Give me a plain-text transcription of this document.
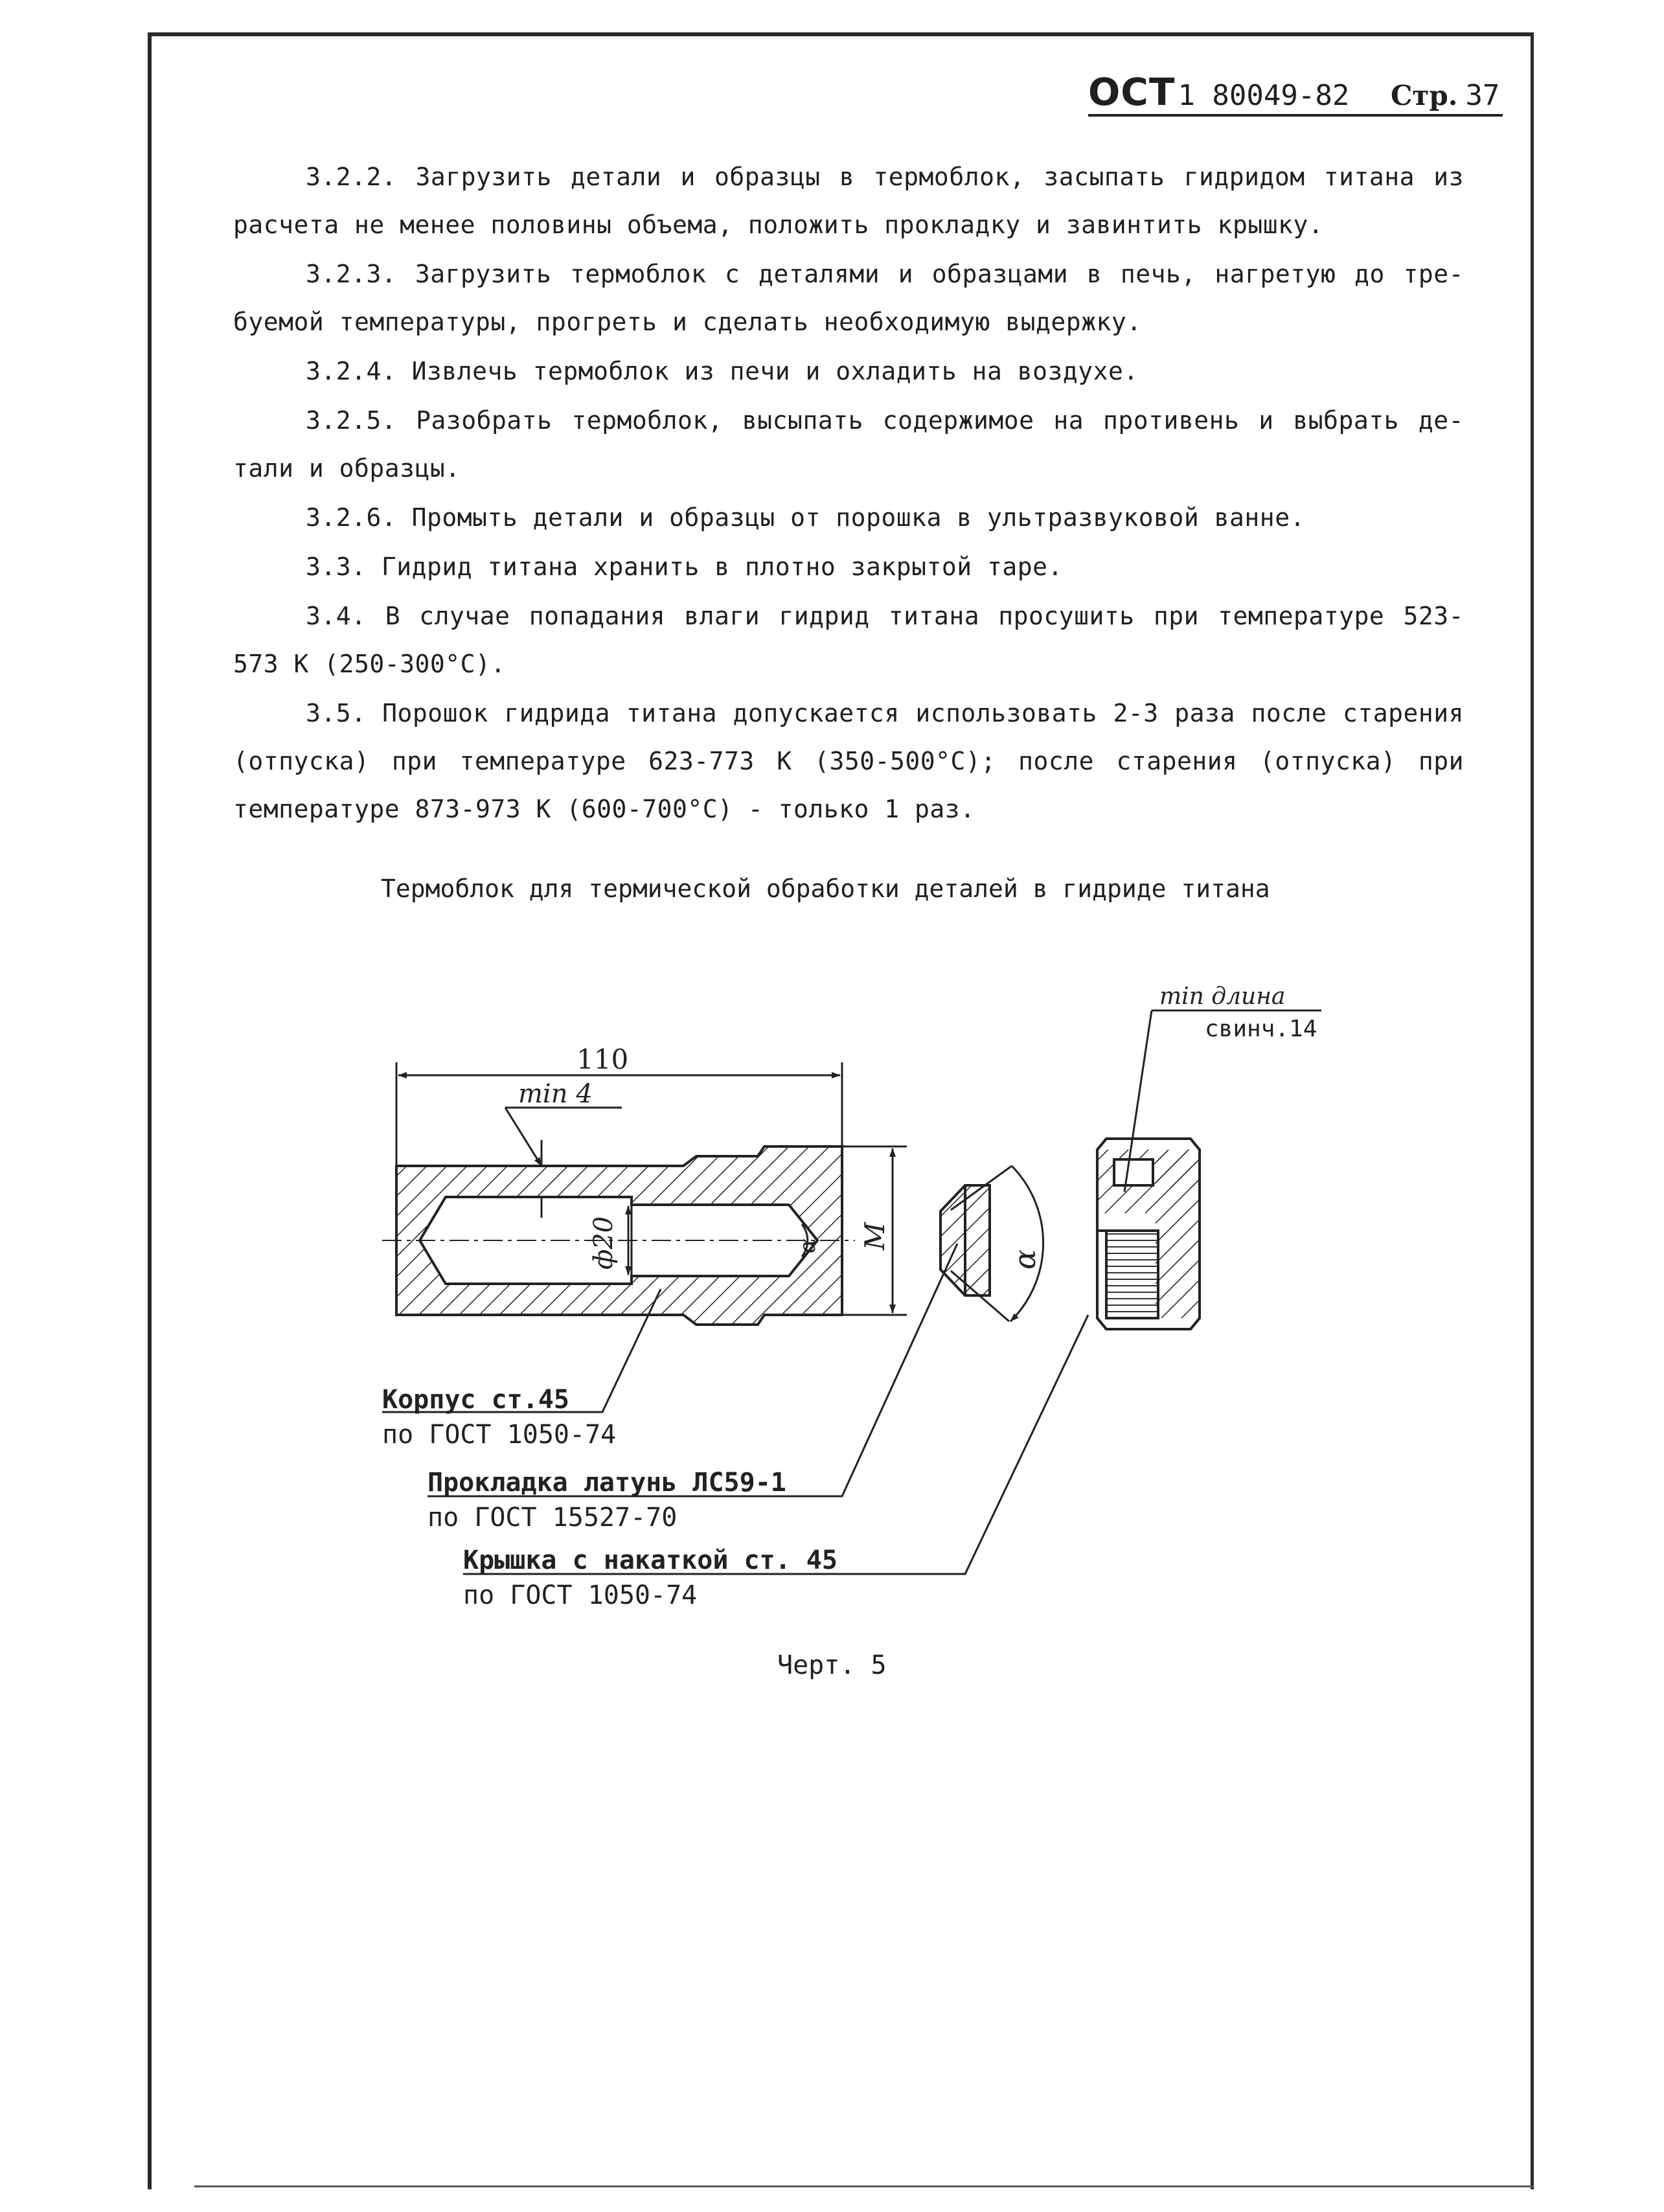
ОСТ1 80049-82 Стр. 37
3.2.2. Загрузить детали и образцы в термоблок, засыпать гидридом титана из
расчета не менее половины объема, положить прокладку и завинтить крышку.
3.2.3. Загрузить термоблок с деталями и образцами в печь, нагретую до тре-
буемой температуры, прогреть и сделать необходимую выдержку.
3.2.4. Извлечь термоблок из печи и охладить на воздухе.
3.2.5. Разобрать термоблок, высыпать содержимое на противень и выбрать де-
тали и образцы.
3.2.6. Промыть детали и образцы от порошка в ультразвуковой ванне.
3.3. Гидрид титана хранить в плотно закрытой таре.
3.4. В случае попадания влаги гидрид титана просушить при температуре 523-
573 К (250-300°С).
3.5. Порошок гидрида титана допускается использовать 2-3 раза после старения
(отпуска) при температуре 623-773 К (350-500°С); после старения (отпуска) при
температуре 873-973 К (600-700°С) - только 1 раз.
Термоблок для термической обработки деталей в гидриде титана
110
min 4
ф20	α M
α
min длина
свинч.14
Корпус ст.45
по ГОСТ 1050-74
Прокладка латунь ЛС59-1
по ГОСТ 15527-70
Крышка с накаткой ст. 45
по ГОСТ 1050-74
Черт. 5
